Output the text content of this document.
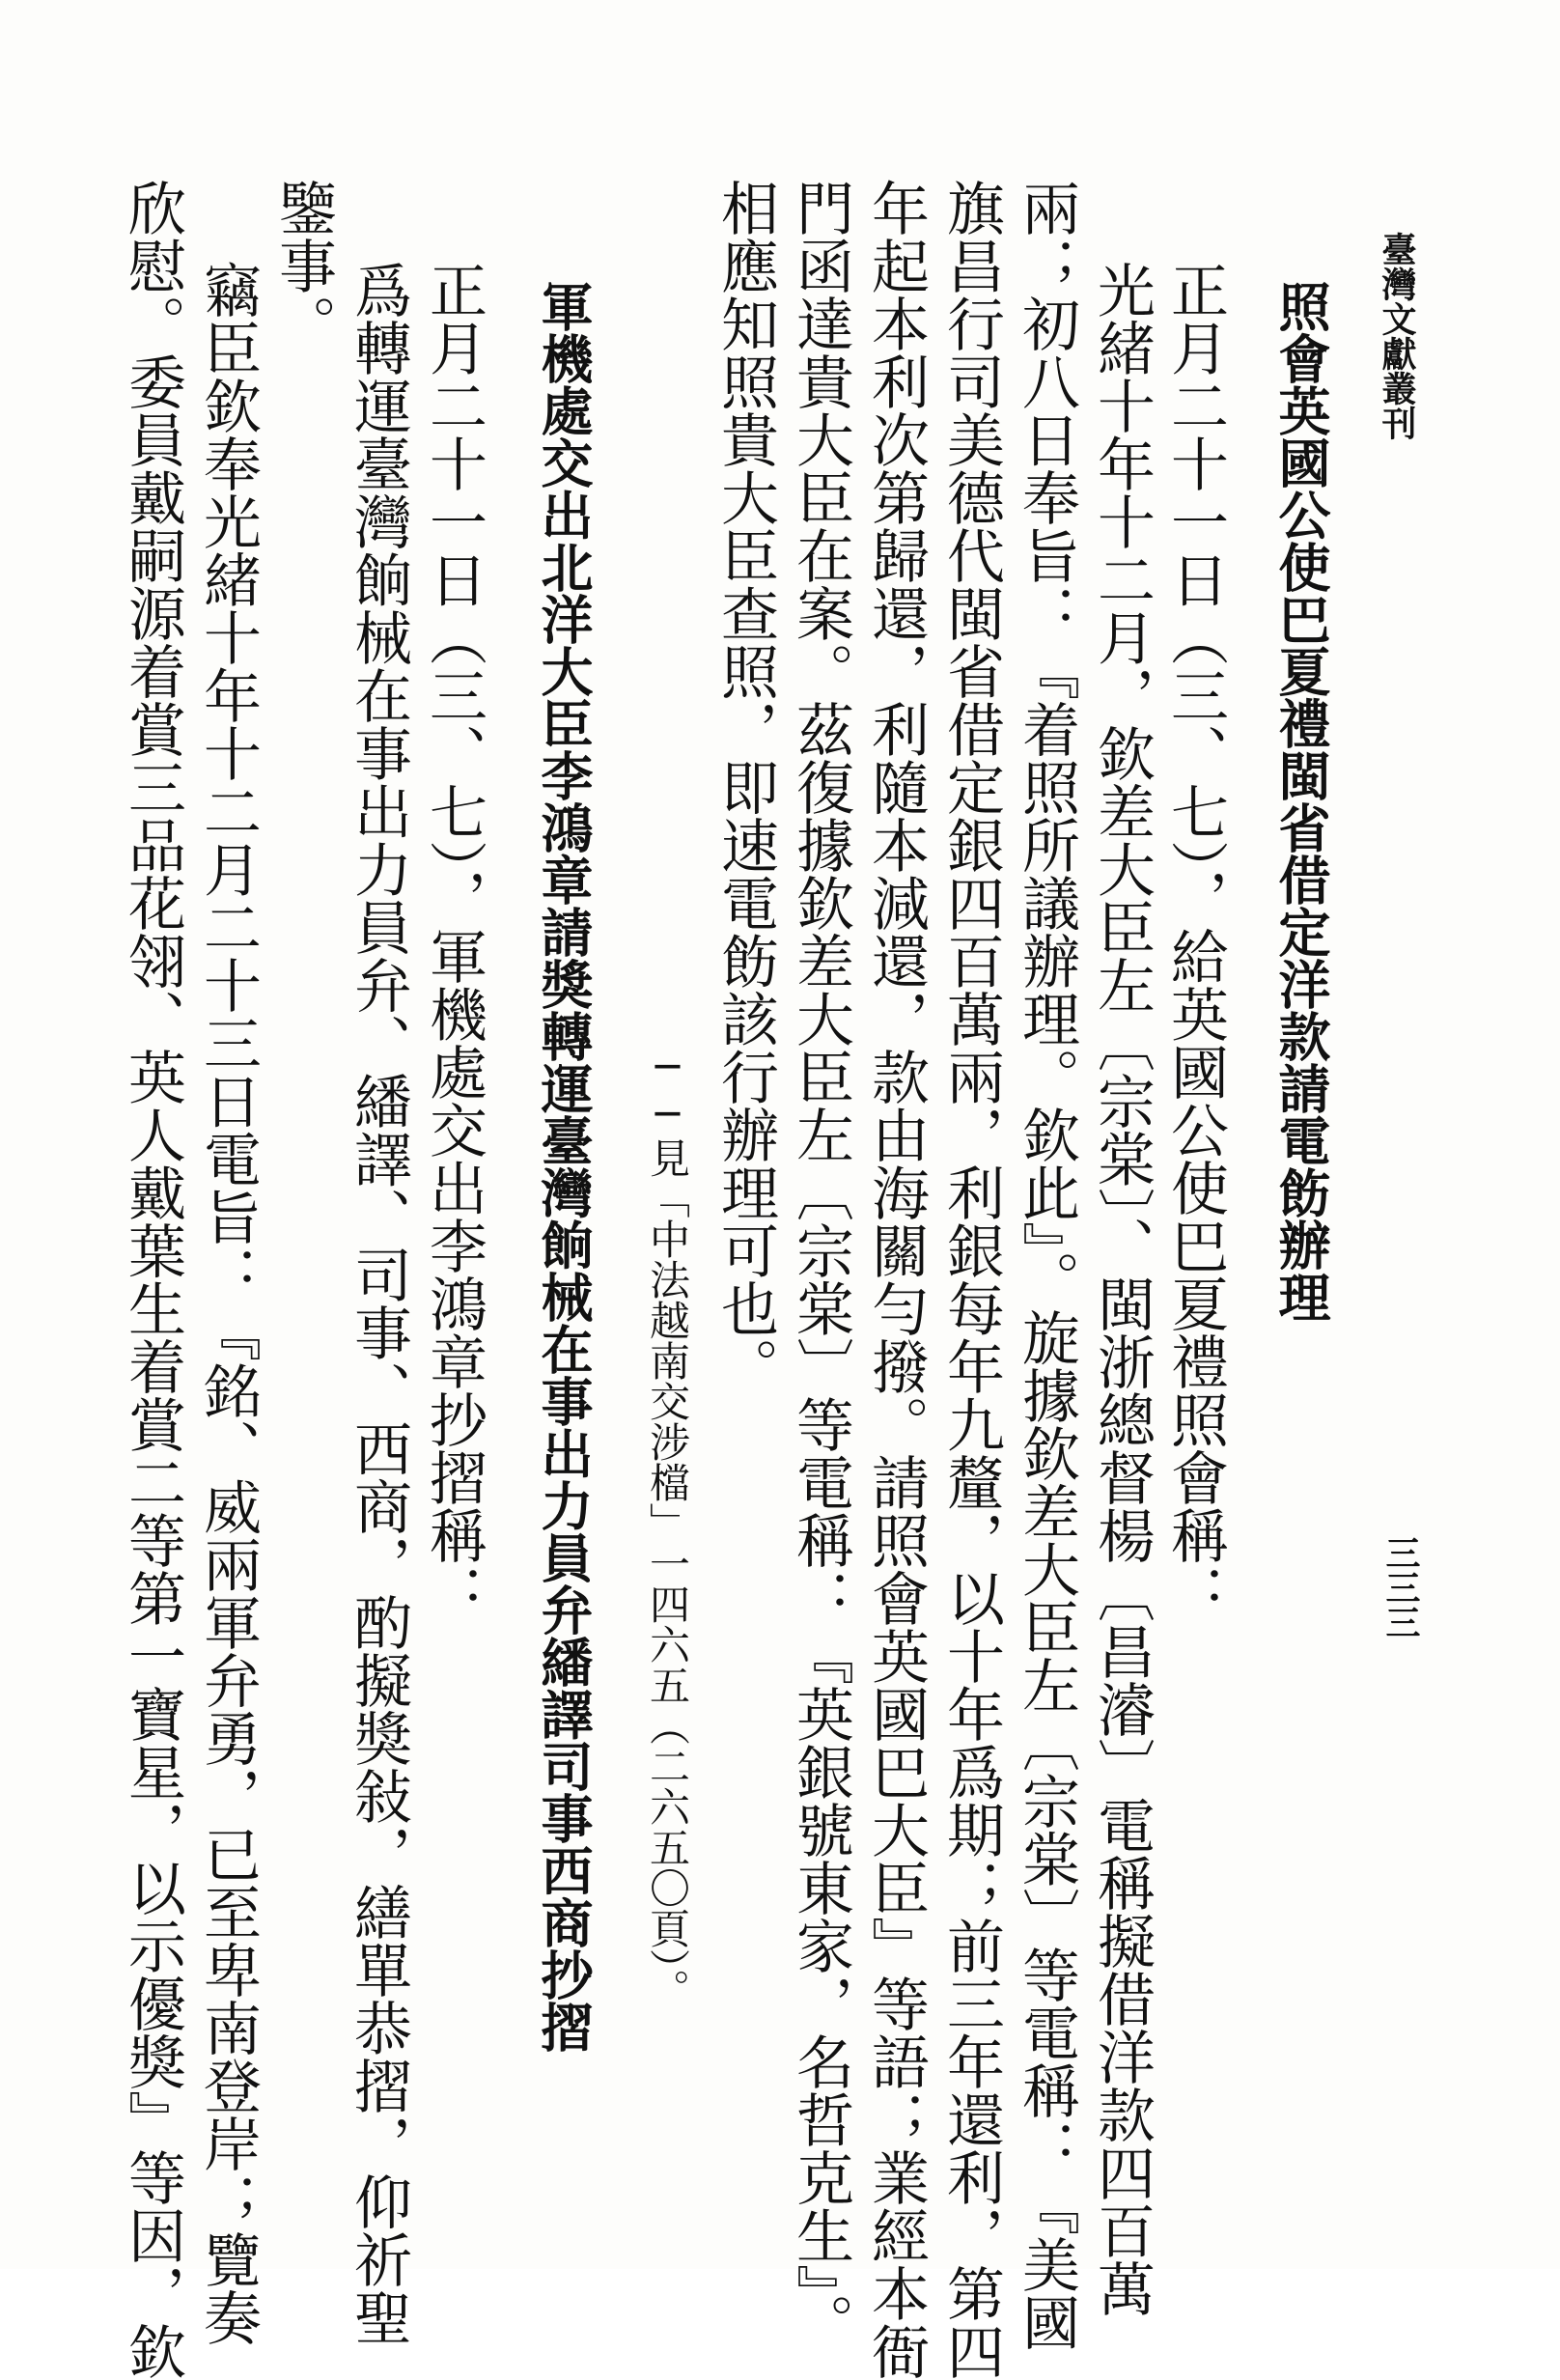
臺灣文獻叢刊
三三三
照會英國公使巴夏禮閩省借定洋款請電飭辦理
正月二十一日（三、七），給英國公使巴夏禮照會稱：
光緒十年十二月，欽差大臣左〔宗棠〕、閩浙總督楊〔昌濬〕電稱擬借洋款四百萬
兩；初八日奉旨：『着照所議辦理。欽此』。旋據欽差大臣左〔宗棠〕等電稱：『美國
旗昌行司美德代閩省借定銀四百萬兩，利銀每年九釐，以十年爲期；前三年還利，第四
年起本利次第歸還，利隨本減還，款由海關勻撥。請照會英國巴大臣』等語；業經本衙
門函達貴大臣在案。茲復據欽差大臣左〔宗棠〕等電稱：『英銀號東家，名哲克生』。
相應知照貴大臣查照，即速電飭該行辦理可也。
──見「中法越南交涉檔」一四六五（二六五〇頁）。
軍機處交出北洋大臣李鴻章請獎轉運臺灣餉械在事出力員弁繙譯司事西商抄摺
正月二十一日（三、七），軍機處交出李鴻章抄摺稱：
爲轉運臺灣餉械在事出力員弁、繙譯、司事、西商，酌擬獎敍，繕單恭摺，仰祈聖
鑒事。
竊臣欽奉光緒十年十二月二十三日電旨：『銘、威兩軍弁勇，已至卑南登岸；覽奏
欣慰。委員戴嗣源着賞三品花翎、英人戴葉生着賞二等第一寶星，以示優獎』等因，欽
